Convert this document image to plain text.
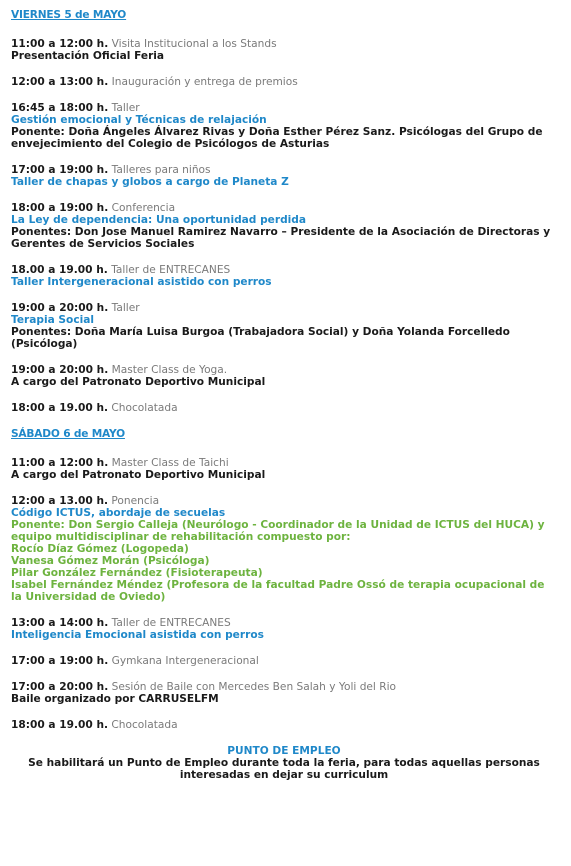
VIERNES 5 de MAYO
11:00 a 12:00 h. Visita Institucional a los Stands
Presentación Oficial Feria
12:00 a 13:00 h. Inauguración y entrega de premios
16:45 a 18:00 h. Taller
Gestión emocional y Técnicas de relajación
Ponente: Doña Ángeles Álvarez Rivas y Doña Esther Pérez Sanz. Psicólogas del Grupo de envejecimiento del Colegio de Psicólogos de Asturias
17:00 a 19:00 h. Talleres para niños
Taller de chapas y globos a cargo de Planeta Z
18:00 a 19:00 h. Conferencia
La Ley de dependencia: Una oportunidad perdida
Ponentes: Don Jose Manuel Ramirez Navarro – Presidente de la Asociación de Directoras y Gerentes de Servicios Sociales
18.00 a 19.00 h. Taller de ENTRECANES
Taller Intergeneracional asistido con perros
19:00 a 20:00 h. Taller
Terapia Social
Ponentes: Doña María Luisa Burgoa (Trabajadora Social) y Doña Yolanda Forcelledo (Psicóloga)
19:00 a 20:00 h. Master Class de Yoga.
A cargo del Patronato Deportivo Municipal
18:00 a 19.00 h. Chocolatada
SÁBADO 6 de MAYO
11:00 a 12:00 h. Master Class de Taichi
A cargo del Patronato Deportivo Municipal
12:00 a 13.00 h. Ponencia
Código ICTUS, abordaje de secuelas
Ponente: Don Sergio Calleja (Neurólogo - Coordinador de la Unidad de ICTUS del HUCA) y equipo multidisciplinar de rehabilitación compuesto por:
Rocío Díaz Gómez (Logopeda)
Vanesa Gómez Morán (Psicóloga)
Pilar González Fernández (Fisioterapeuta)
Isabel Fernández Méndez (Profesora de la facultad Padre Ossó de terapia ocupacional de la Universidad de Oviedo)
13:00 a 14:00 h. Taller de ENTRECANES
Inteligencia Emocional asistida con perros
17:00 a 19:00 h. Gymkana Intergeneracional
17:00 a 20:00 h. Sesión de Baile con Mercedes Ben Salah y Yoli del Rio
Baile organizado por CARRUSELFM
18:00 a 19.00 h. Chocolatada
PUNTO DE EMPLEO
Se habilitará un Punto de Empleo durante toda la feria, para todas aquellas personas interesadas en dejar su curriculum
